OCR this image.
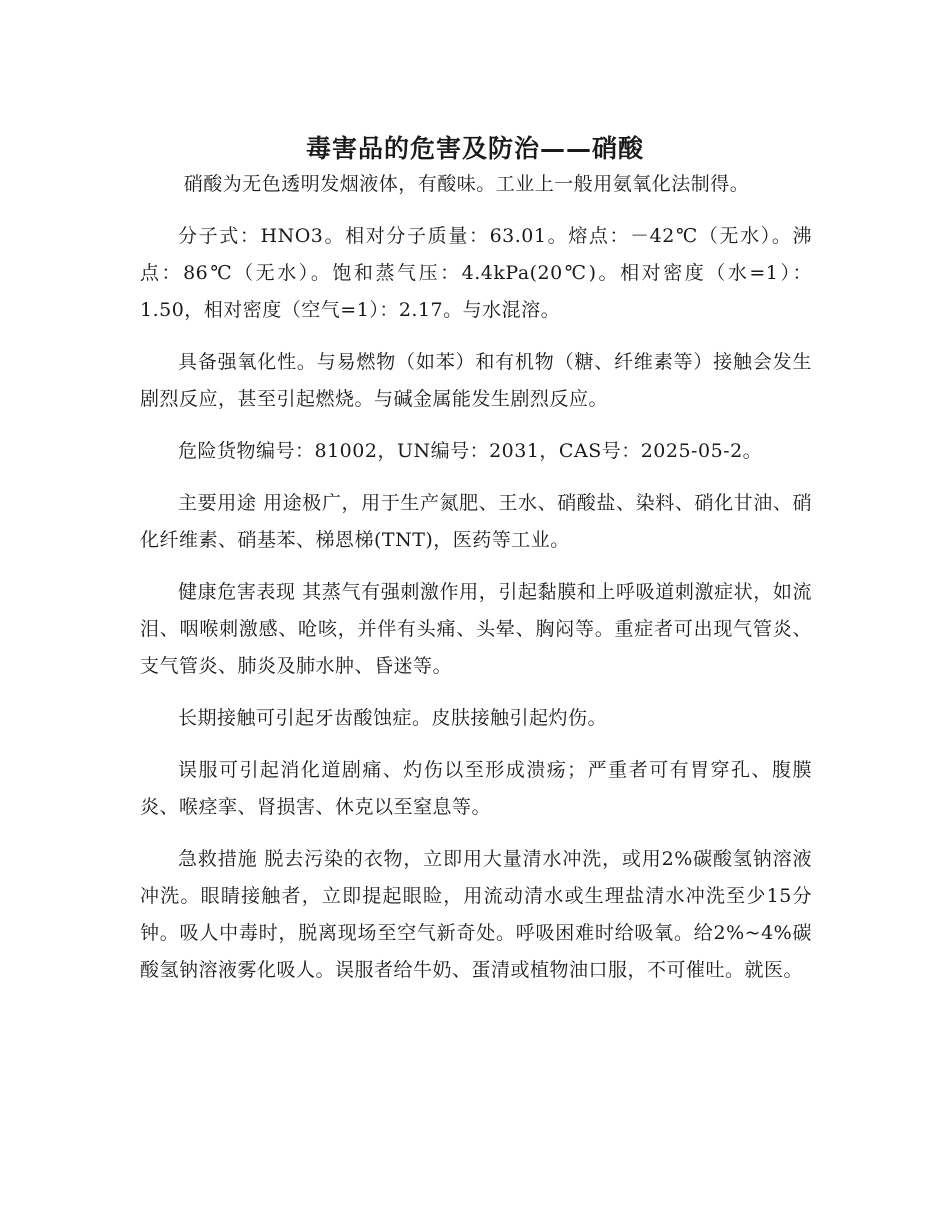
毒害品的危害及防治——硝酸

硝酸为无色透明发烟液体，有酸味。工业上一般用氨氧化法制得。

分子式：HNO3。相对分子质量：63.01。熔点：－42℃（无水）。沸点：86℃（无水）。饱和蒸气压：4.4kPa(20℃)。相对密度（水=1）：1.50，相对密度（空气=1）：2.17。与水混溶。

具备强氧化性。与易燃物（如苯）和有机物（糖、纤维素等）接触会发生剧烈反应，甚至引起燃烧。与碱金属能发生剧烈反应。

危险货物编号：81002，UN编号：2031，CAS号：2025-05-2。

主要用途 用途极广，用于生产氮肥、王水、硝酸盐、染料、硝化甘油、硝化纤维素、硝基苯、梯恩梯(TNT)，医药等工业。

健康危害表现 其蒸气有强刺激作用，引起黏膜和上呼吸道刺激症状，如流泪、咽喉刺激感、呛咳，并伴有头痛、头晕、胸闷等。重症者可出现气管炎、支气管炎、肺炎及肺水肿、昏迷等。

长期接触可引起牙齿酸蚀症。皮肤接触引起灼伤。

误服可引起消化道剧痛、灼伤以至形成溃疡；严重者可有胃穿孔、腹膜炎、喉痉挛、肾损害、休克以至窒息等。

急救措施 脱去污染的衣物，立即用大量清水冲洗，或用2%碳酸氢钠溶液冲洗。眼睛接触者，立即提起眼睑，用流动清水或生理盐清水冲洗至少15分钟。吸人中毒时，脱离现场至空气新奇处。呼吸困难时给吸氧。给2%~4%碳酸氢钠溶液雾化吸人。误服者给牛奶、蛋清或植物油口服，不可催吐。就医。
